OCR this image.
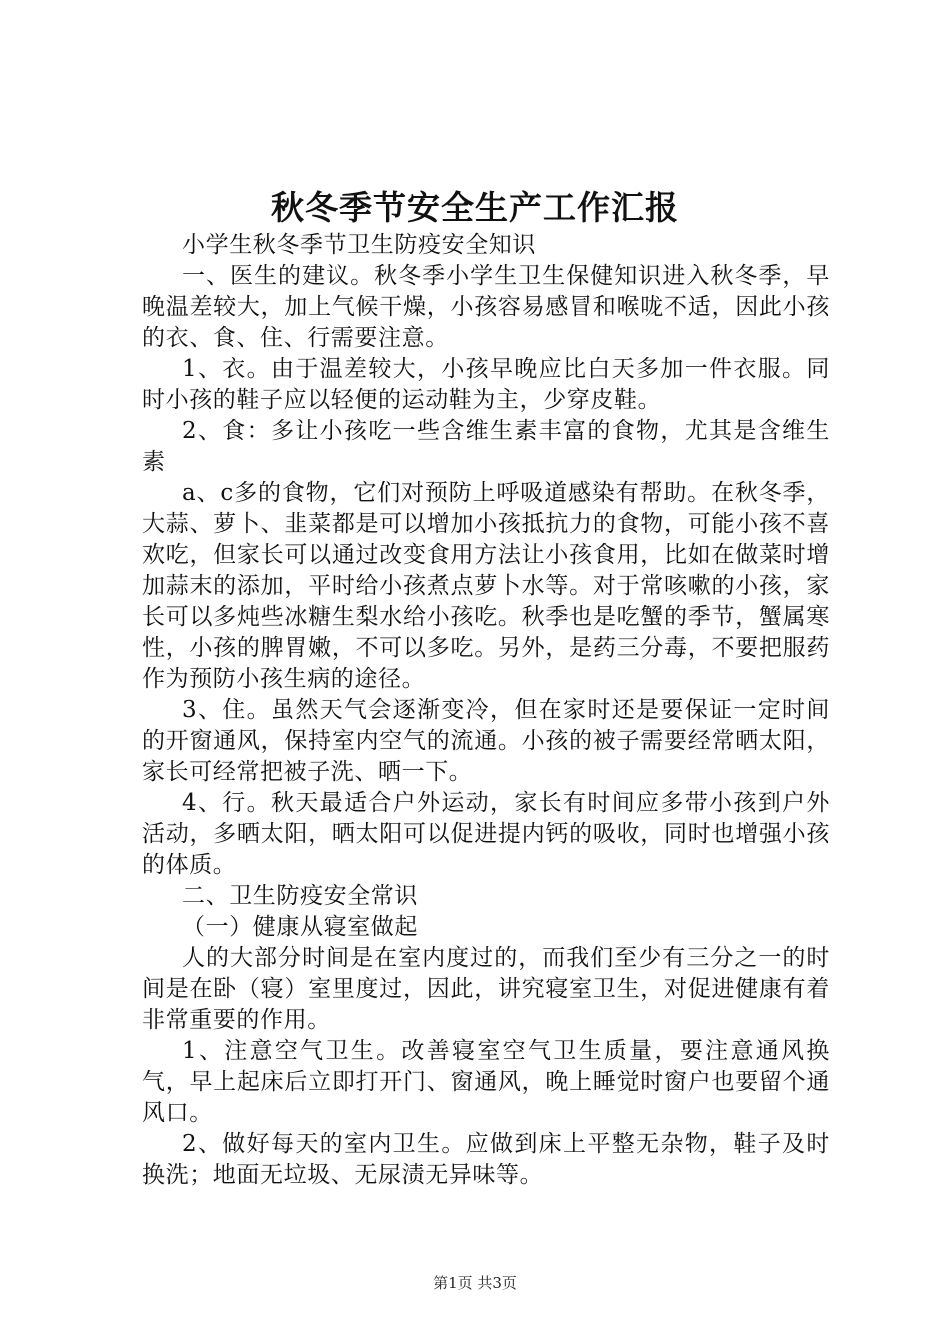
秋冬季节安全生产工作汇报

小学生秋冬季节卫生防疫安全知识

一、医生的建议。秋冬季小学生卫生保健知识进入秋冬季，早晚温差较大，加上气候干燥，小孩容易感冒和喉咙不适，因此小孩的衣、食、住、行需要注意。

1、衣。由于温差较大，小孩早晚应比白天多加一件衣服。同时小孩的鞋子应以轻便的运动鞋为主，少穿皮鞋。

2、食：多让小孩吃一些含维生素丰富的食物，尤其是含维生素

a、c多的食物，它们对预防上呼吸道感染有帮助。在秋冬季，大蒜、萝卜、韭菜都是可以增加小孩抵抗力的食物，可能小孩不喜欢吃，但家长可以通过改变食用方法让小孩食用，比如在做菜时增加蒜末的添加，平时给小孩煮点萝卜水等。对于常咳嗽的小孩，家长可以多炖些冰糖生梨水给小孩吃。秋季也是吃蟹的季节，蟹属寒性，小孩的脾胃嫩，不可以多吃。另外，是药三分毒，不要把服药作为预防小孩生病的途径。

3、住。虽然天气会逐渐变冷，但在家时还是要保证一定时间的开窗通风，保持室内空气的流通。小孩的被子需要经常晒太阳，家长可经常把被子洗、晒一下。

4、行。秋天最适合户外运动，家长有时间应多带小孩到户外活动，多晒太阳，晒太阳可以促进提内钙的吸收，同时也增强小孩的体质。

二、卫生防疫安全常识

（一）健康从寝室做起

人的大部分时间是在室内度过的，而我们至少有三分之一的时间是在卧（寝）室里度过，因此，讲究寝室卫生，对促进健康有着非常重要的作用。

1、注意空气卫生。改善寝室空气卫生质量，要注意通风换气，早上起床后立即打开门、窗通风，晚上睡觉时窗户也要留个通风口。

2、做好每天的室内卫生。应做到床上平整无杂物，鞋子及时换洗；地面无垃圾、无尿渍无异味等。

第1页 共3页
